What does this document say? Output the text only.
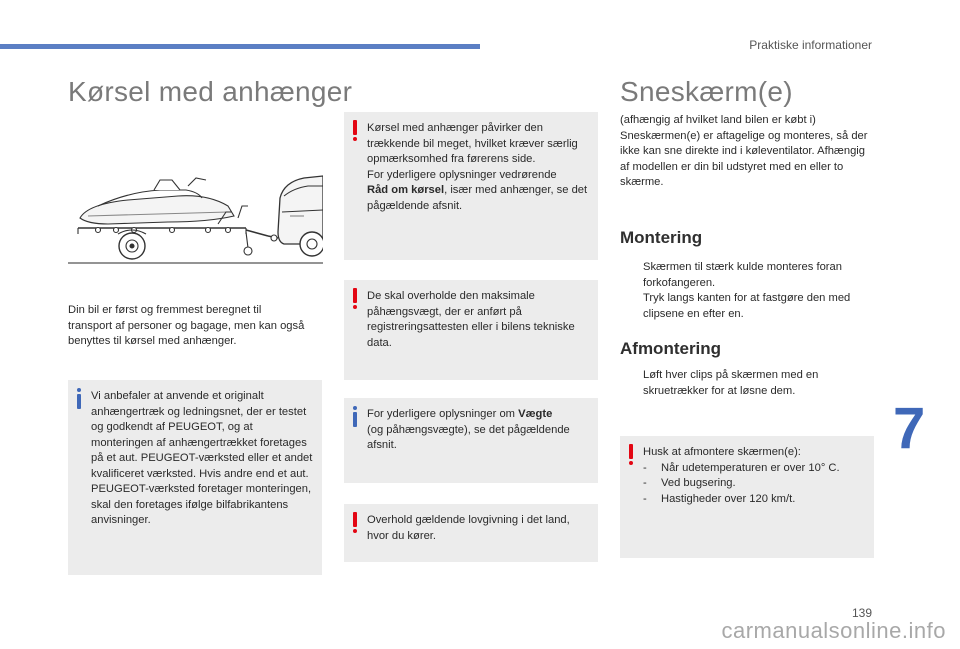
Praktiske informationer
Kørsel med anhænger

Din bil er først og fremmest beregnet til transport af personer og bagage, men kan også benyttes til kørsel med anhænger.

Vi anbefaler at anvende et originalt anhængertræk og ledningsnet, der er testet og godkendt af PEUGEOT, og at monteringen af anhængertrækket foretages på et aut. PEUGEOT-værksted eller et andet kvalificeret værksted. Hvis andre end et aut. PEUGEOT-værksted foretager monteringen, skal den foretages ifølge bilfabrikantens anvisninger.

Kørsel med anhænger påvirker den trækkende bil meget, hvilket kræver særlig opmærksomhed fra førerens side.
For yderligere oplysninger vedrørende
Råd om kørsel, især med anhænger, se det pågældende afsnit.

De skal overholde den maksimale påhængsvægt, der er anført på registreringsattesten eller i bilens tekniske data.

For yderligere oplysninger om Vægte
(og påhængsvægte), se det pågældende afsnit.

Overhold gældende lovgivning i det land, hvor du kører.

Sneskærm(e)

(afhængig af hvilket land bilen er købt i) Sneskærmen(e) er aftagelige og monteres, så der ikke kan sne direkte ind i køleventilator. Afhængig af modellen er din bil udstyret med en eller to skærme.

Montering
Skærmen til stærk kulde monteres foran forkofangeren.
Tryk langs kanten for at fastgøre den med clipsene en efter en.
Afmontering
Løft hver clips på skærmen med en skruetrækker for at løsne dem.
Husk at afmontere skærmen(e):
- Når udetemperaturen er over 10° C.
- Ved bugsering.
- Hastigheder over 120 km/t.
7
139
carmanualsonline.info
